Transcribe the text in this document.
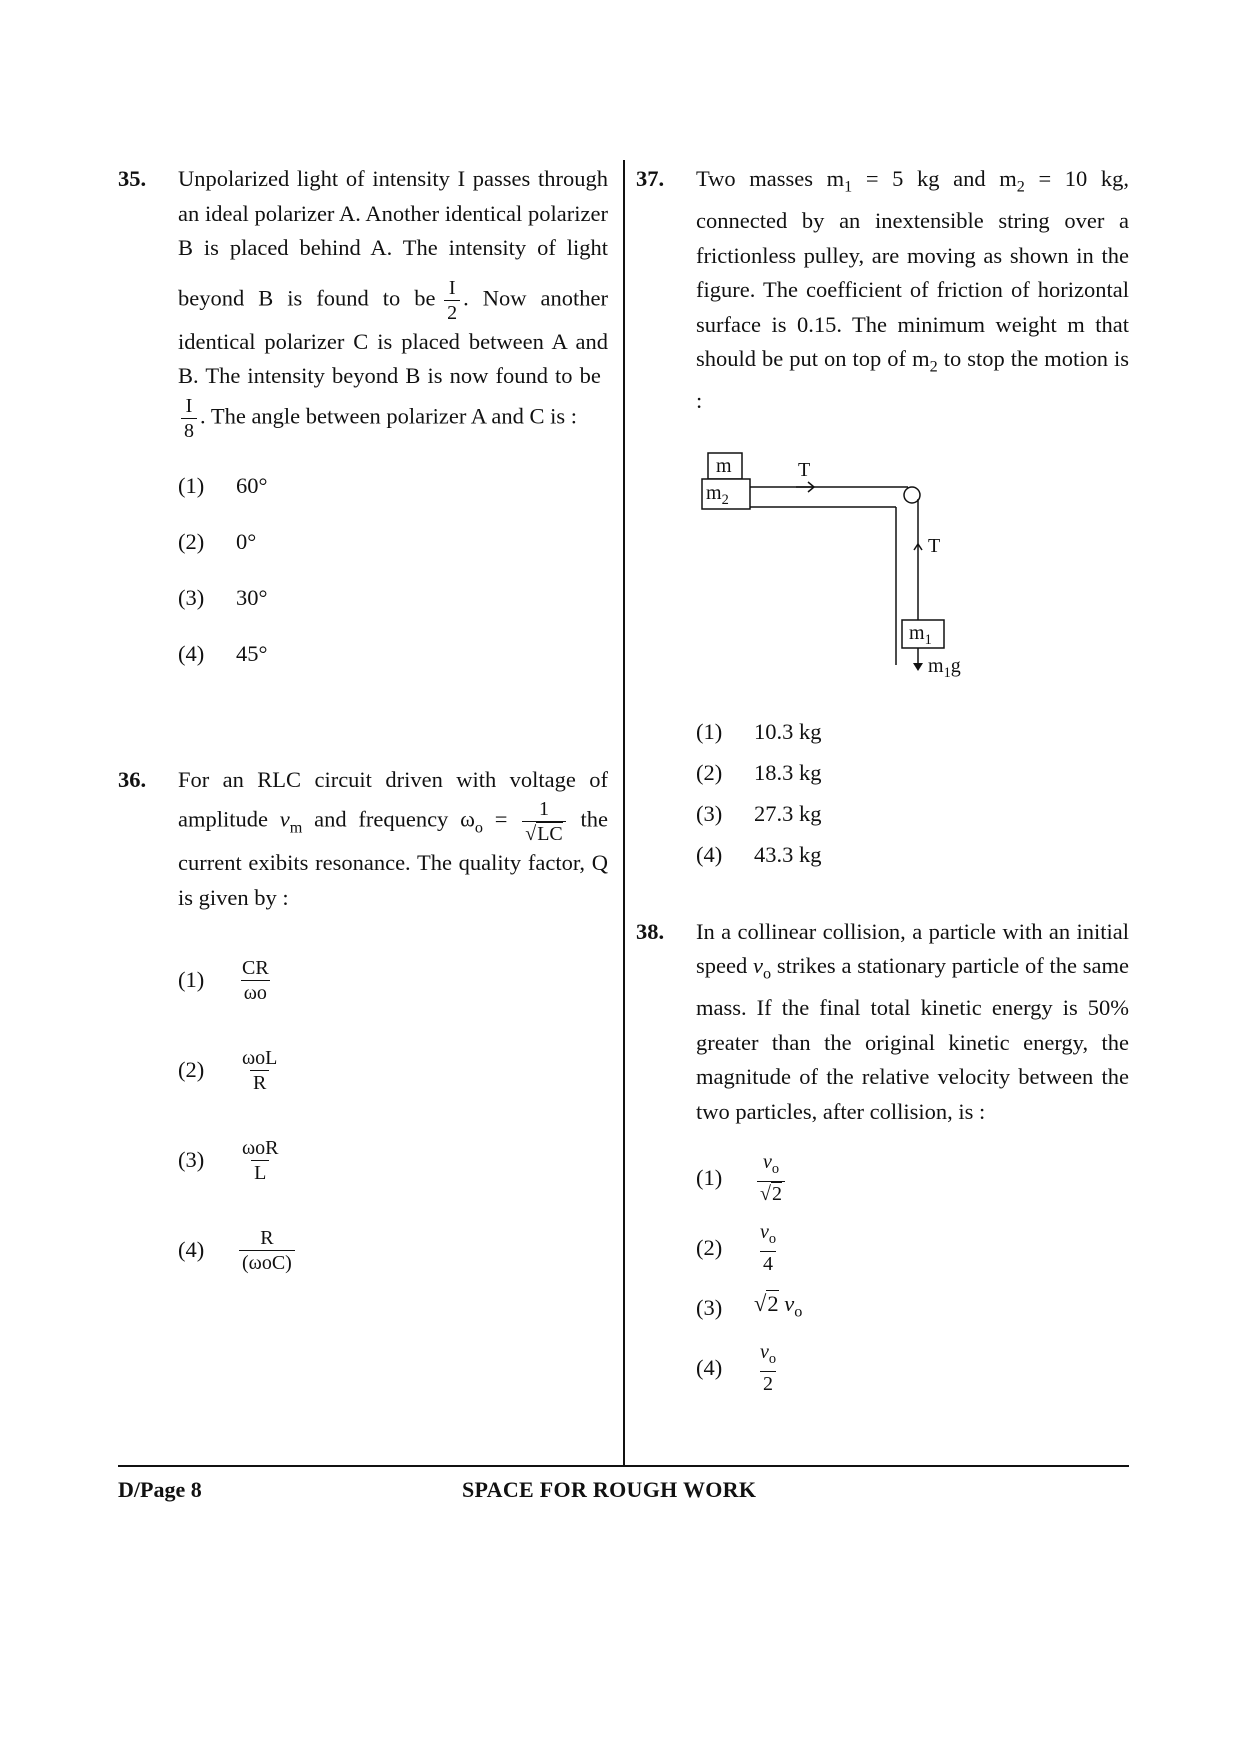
35. Unpolarized light of intensity I passes through an ideal polarizer A. Another identical polarizer B is placed behind A. The intensity of light beyond B is found to be $\frac{I}{2}$ . Now another identical polarizer C is placed between A and B. The intensity beyond B is now found to be
$\frac{I}{8}$ . The angle between polarizer A and C is :
(1) 60°
(2) 0°
(3) 30°
(4) 45°
36. For an RLC circuit driven with voltage of amplitude $v_m$ and frequency $\omega_o = \frac{1}{√LC}$ the current exibits resonance. The quality factor, Q is given by :
$(1) \frac{CR}{\omega o}$
$(2) \frac{\text{ωoL}}{R}$
$(3) \frac{\text{ωoR}}{L}$
$(4) \frac{R}{\text{(ωoC)}}$
37. Two masses $m_1 = 5$ kg and $m_2 = 10$ kg, connected by an inextensible string over a frictionless pulley, are moving as shown in the figure. The coefficient of friction of horizontal surface is 0.15. The minimum weight m that should be put on top of $m_2$ to stop the motion is :
m
$m_2$
T
T
$m_1$
$m_1g$
(1) 10.3 kg
(2) 18.3 kg
(3) 27.3 kg
(4) 43.3 kg
38. In a collinear collision, a particle with an initial speed $v_o$ strikes a stationary particle of the same mass. If the final total kinetic energy is 50% greater than the original kinetic energy, the magnitude of the relative velocity between the two particles, after collision, is :
$(1) \frac{v_o}{√2}$
$(2) \frac{v_o}{4}$
(3) √2 $v_o$
$(4) \frac{v_o}{2}$
D/Page 8	SPACE FOR ROUGH WORK
